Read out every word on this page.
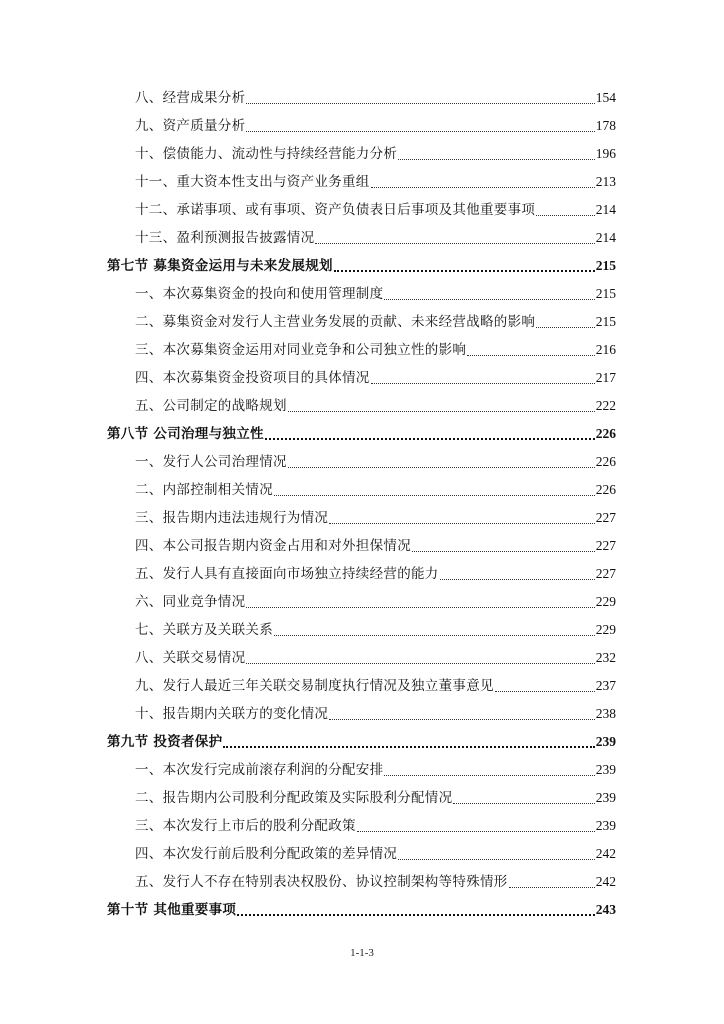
八、经营成果分析	154
九、资产质量分析	178
十、偿债能力、流动性与持续经营能力分析	196
十一、重大资本性支出与资产业务重组	213
十二、承诺事项、或有事项、资产负债表日后事项及其他重要事项	214
十三、盈利预测报告披露情况	214
第七节 募集资金运用与未来发展规划	215
一、本次募集资金的投向和使用管理制度	215
二、募集资金对发行人主营业务发展的贡献、未来经营战略的影响	215
三、本次募集资金运用对同业竞争和公司独立性的影响	216
四、本次募集资金投资项目的具体情况	217
五、公司制定的战略规划	222
第八节 公司治理与独立性	226
一、发行人公司治理情况	226
二、内部控制相关情况	226
三、报告期内违法违规行为情况	227
四、本公司报告期内资金占用和对外担保情况	227
五、发行人具有直接面向市场独立持续经营的能力	227
六、同业竞争情况	229
七、关联方及关联关系	229
八、关联交易情况	232
九、发行人最近三年关联交易制度执行情况及独立董事意见	237
十、报告期内关联方的变化情况	238
第九节 投资者保护	239
一、本次发行完成前滚存利润的分配安排	239
二、报告期内公司股利分配政策及实际股利分配情况	239
三、本次发行上市后的股利分配政策	239
四、本次发行前后股利分配政策的差异情况	242
五、发行人不存在特别表决权股份、协议控制架构等特殊情形	242
第十节 其他重要事项	243
1-1-3
